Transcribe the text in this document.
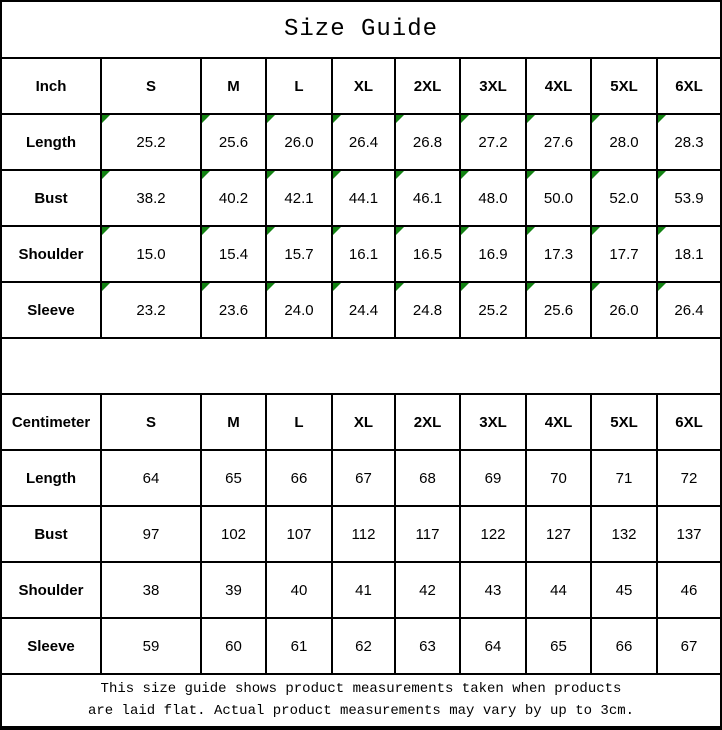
Size Guide
Inch	S	M	L	XL	2XL	3XL	4XL	5XL	6XL
Length	25.2	25.6	26.0	26.4	26.8	27.2	27.6	28.0	28.3
Bust	38.2	40.2	42.1	44.1	46.1	48.0	50.0	52.0	53.9
Shoulder	15.0	15.4	15.7	16.1	16.5	16.9	17.3	17.7	18.1
Sleeve	23.2	23.6	24.0	24.4	24.8	25.2	25.6	26.0	26.4
Centimeter	S	M	L	XL	2XL	3XL	4XL	5XL	6XL
Length	64	65	66	67	68	69	70	71	72
Bust	97	102	107	112	117	122	127	132	137
Shoulder	38	39	40	41	42	43	44	45	46
Sleeve	59	60	61	62	63	64	65	66	67
This size guide shows product measurements taken when products
are laid flat. Actual product measurements may vary by up to 3cm.
